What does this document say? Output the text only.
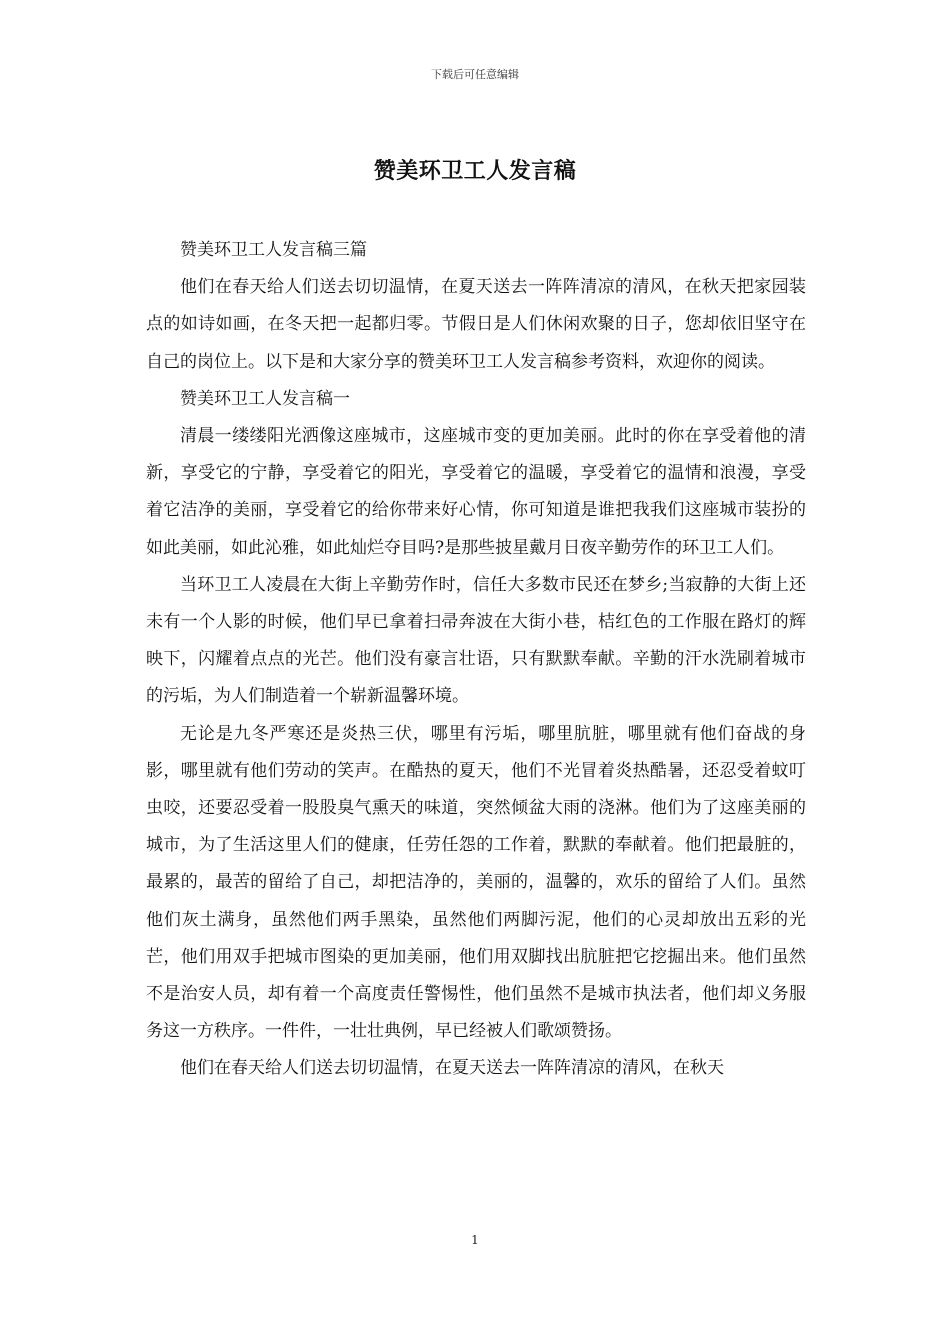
下载后可任意编辑
赞美环卫工人发言稿

赞美环卫工人发言稿三篇

他们在春天给人们送去切切温情，在夏天送去一阵阵清凉的清风，在秋天把家园装点的如诗如画，在冬天把一起都归零。节假日是人们休闲欢聚的日子，您却依旧坚守在自己的岗位上。以下是和大家分享的赞美环卫工人发言稿参考资料，欢迎你的阅读。

赞美环卫工人发言稿一

清晨一缕缕阳光洒像这座城市，这座城市变的更加美丽。此时的你在享受着他的清新，享受它的宁静，享受着它的阳光，享受着它的温暖，享受着它的温情和浪漫，享受着它洁净的美丽，享受着它的给你带来好心情，你可知道是谁把我我们这座城市装扮的如此美丽，如此沁雅，如此灿烂夺目吗?是那些披星戴月日夜辛勤劳作的环卫工人们。

当环卫工人凌晨在大街上辛勤劳作时，信任大多数市民还在梦乡;当寂静的大街上还未有一个人影的时候，他们早已拿着扫帚奔波在大街小巷，桔红色的工作服在路灯的辉映下，闪耀着点点的光芒。他们没有豪言壮语，只有默默奉献。辛勤的汗水洗刷着城市的污垢，为人们制造着一个崭新温馨环境。

无论是九冬严寒还是炎热三伏，哪里有污垢，哪里肮脏，哪里就有他们奋战的身影，哪里就有他们劳动的笑声。在酷热的夏天，他们不光冒着炎热酷暑，还忍受着蚊叮虫咬，还要忍受着一股股臭气熏天的味道，突然倾盆大雨的浇淋。他们为了这座美丽的城市，为了生活这里人们的健康，任劳任怨的工作着，默默的奉献着。他们把最脏的，最累的，最苦的留给了自己，却把洁净的，美丽的，温馨的，欢乐的留给了人们。虽然他们灰土满身，虽然他们两手黑染，虽然他们两脚污泥，他们的心灵却放出五彩的光芒，他们用双手把城市图染的更加美丽，他们用双脚找出肮脏把它挖掘出来。他们虽然不是治安人员，却有着一个高度责任警惕性，他们虽然不是城市执法者，他们却义务服务这一方秩序。一件件，一壮壮典例，早已经被人们歌颂赞扬。

他们在春天给人们送去切切温情，在夏天送去一阵阵清凉的清风，在秋天

1
